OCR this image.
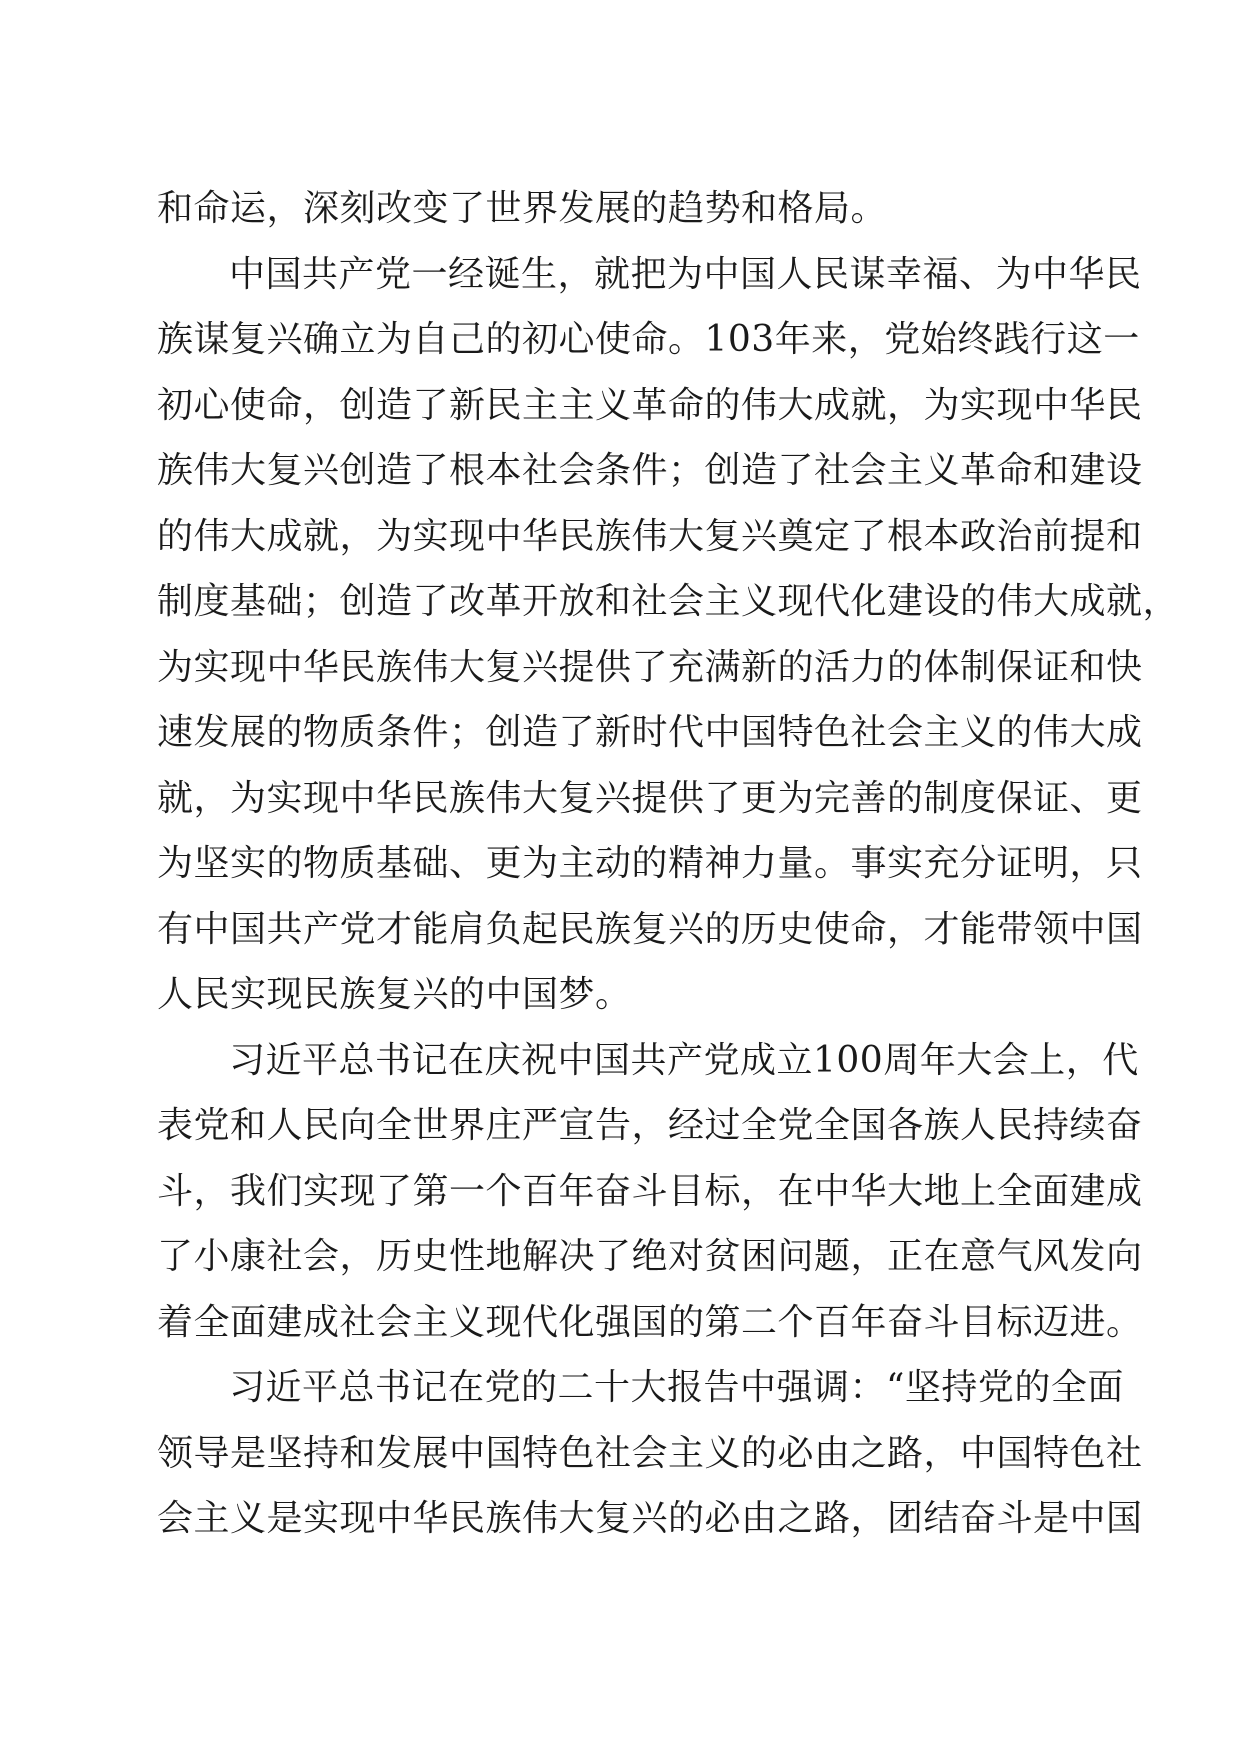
和命运，深刻改变了世界发展的趋势和格局。
中国共产党一经诞生，就把为中国人民谋幸福、为中华民
族谋复兴确立为自己的初心使命。103年来，党始终践行这一
初心使命，创造了新民主主义革命的伟大成就，为实现中华民
族伟大复兴创造了根本社会条件；创造了社会主义革命和建设
的伟大成就，为实现中华民族伟大复兴奠定了根本政治前提和
制度基础；创造了改革开放和社会主义现代化建设的伟大成就，
为实现中华民族伟大复兴提供了充满新的活力的体制保证和快
速发展的物质条件；创造了新时代中国特色社会主义的伟大成
就，为实现中华民族伟大复兴提供了更为完善的制度保证、更
为坚实的物质基础、更为主动的精神力量。事实充分证明，只
有中国共产党才能肩负起民族复兴的历史使命，才能带领中国
人民实现民族复兴的中国梦。
习近平总书记在庆祝中国共产党成立100周年大会上，代
表党和人民向全世界庄严宣告，经过全党全国各族人民持续奋
斗，我们实现了第一个百年奋斗目标，在中华大地上全面建成
了小康社会，历史性地解决了绝对贫困问题，正在意气风发向
着全面建成社会主义现代化强国的第二个百年奋斗目标迈进。
习近平总书记在党的二十大报告中强调：“坚持党的全面
领导是坚持和发展中国特色社会主义的必由之路，中国特色社
会主义是实现中华民族伟大复兴的必由之路，团结奋斗是中国
